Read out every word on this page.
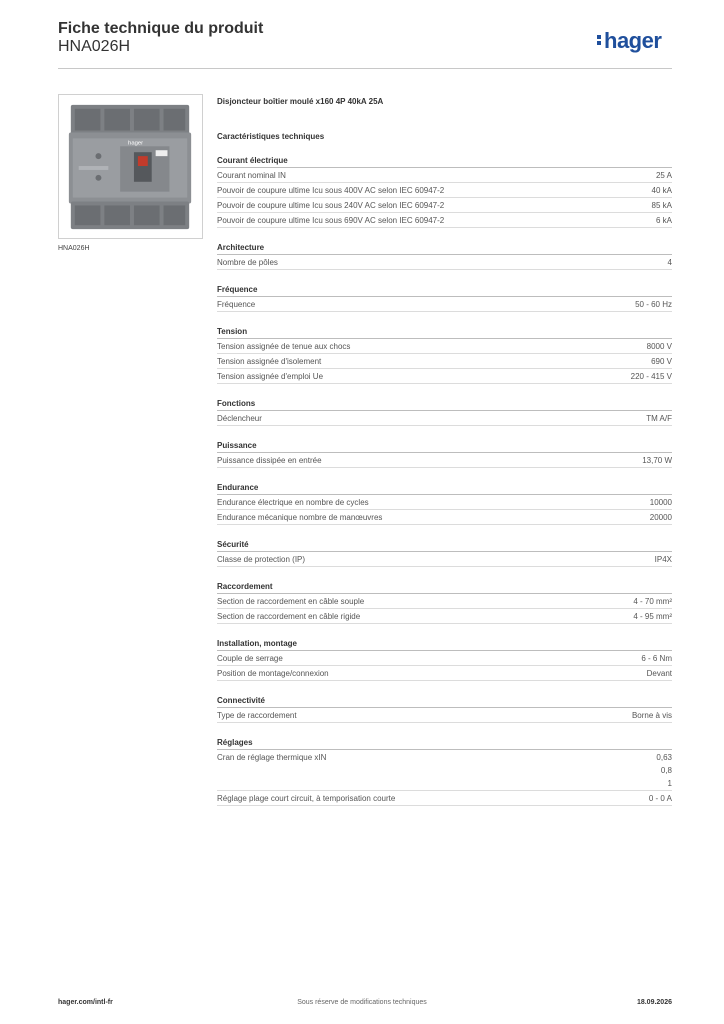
Fiche technique du produit
HNA026H	hager
hager
HNA026H
Disjoncteur boîtier moulé x160 4P 40kA 25A
Caractéristiques techniques
Courant électrique
Courant nominal IN	25 A
Pouvoir de coupure ultime Icu sous 400V AC selon IEC 60947-2	40 kA
Pouvoir de coupure ultime Icu sous 240V AC selon IEC 60947-2	85 kA
Pouvoir de coupure ultime Icu sous 690V AC selon IEC 60947-2	6 kA
Architecture
Nombre de pôles	4
Fréquence
Fréquence	50 - 60 Hz
Tension
Tension assignée de tenue aux chocs	8000 V
Tension assignée d'isolement	690 V
Tension assignée d'emploi Ue	220 - 415 V
Fonctions
Déclencheur	TM A/F
Puissance
Puissance dissipée en entrée	13,70 W
Endurance
Endurance électrique en nombre de cycles	10000
Endurance mécanique nombre de manœuvres	20000
Sécurité
Classe de protection (IP)	IP4X
Raccordement
Section de raccordement en câble souple	4 - 70 mm²
Section de raccordement en câble rigide	4 - 95 mm²
Installation, montage
Couple de serrage	6 - 6 Nm
Position de montage/connexion	Devant
Connectivité
Type de raccordement	Borne à vis
Réglages
Cran de réglage thermique xIN	0,63
0,8
1
Réglage plage court circuit, à temporisation courte	0 - 0 A
hager.com/intl-fr	Sous réserve de modifications techniques	18.09.2026
